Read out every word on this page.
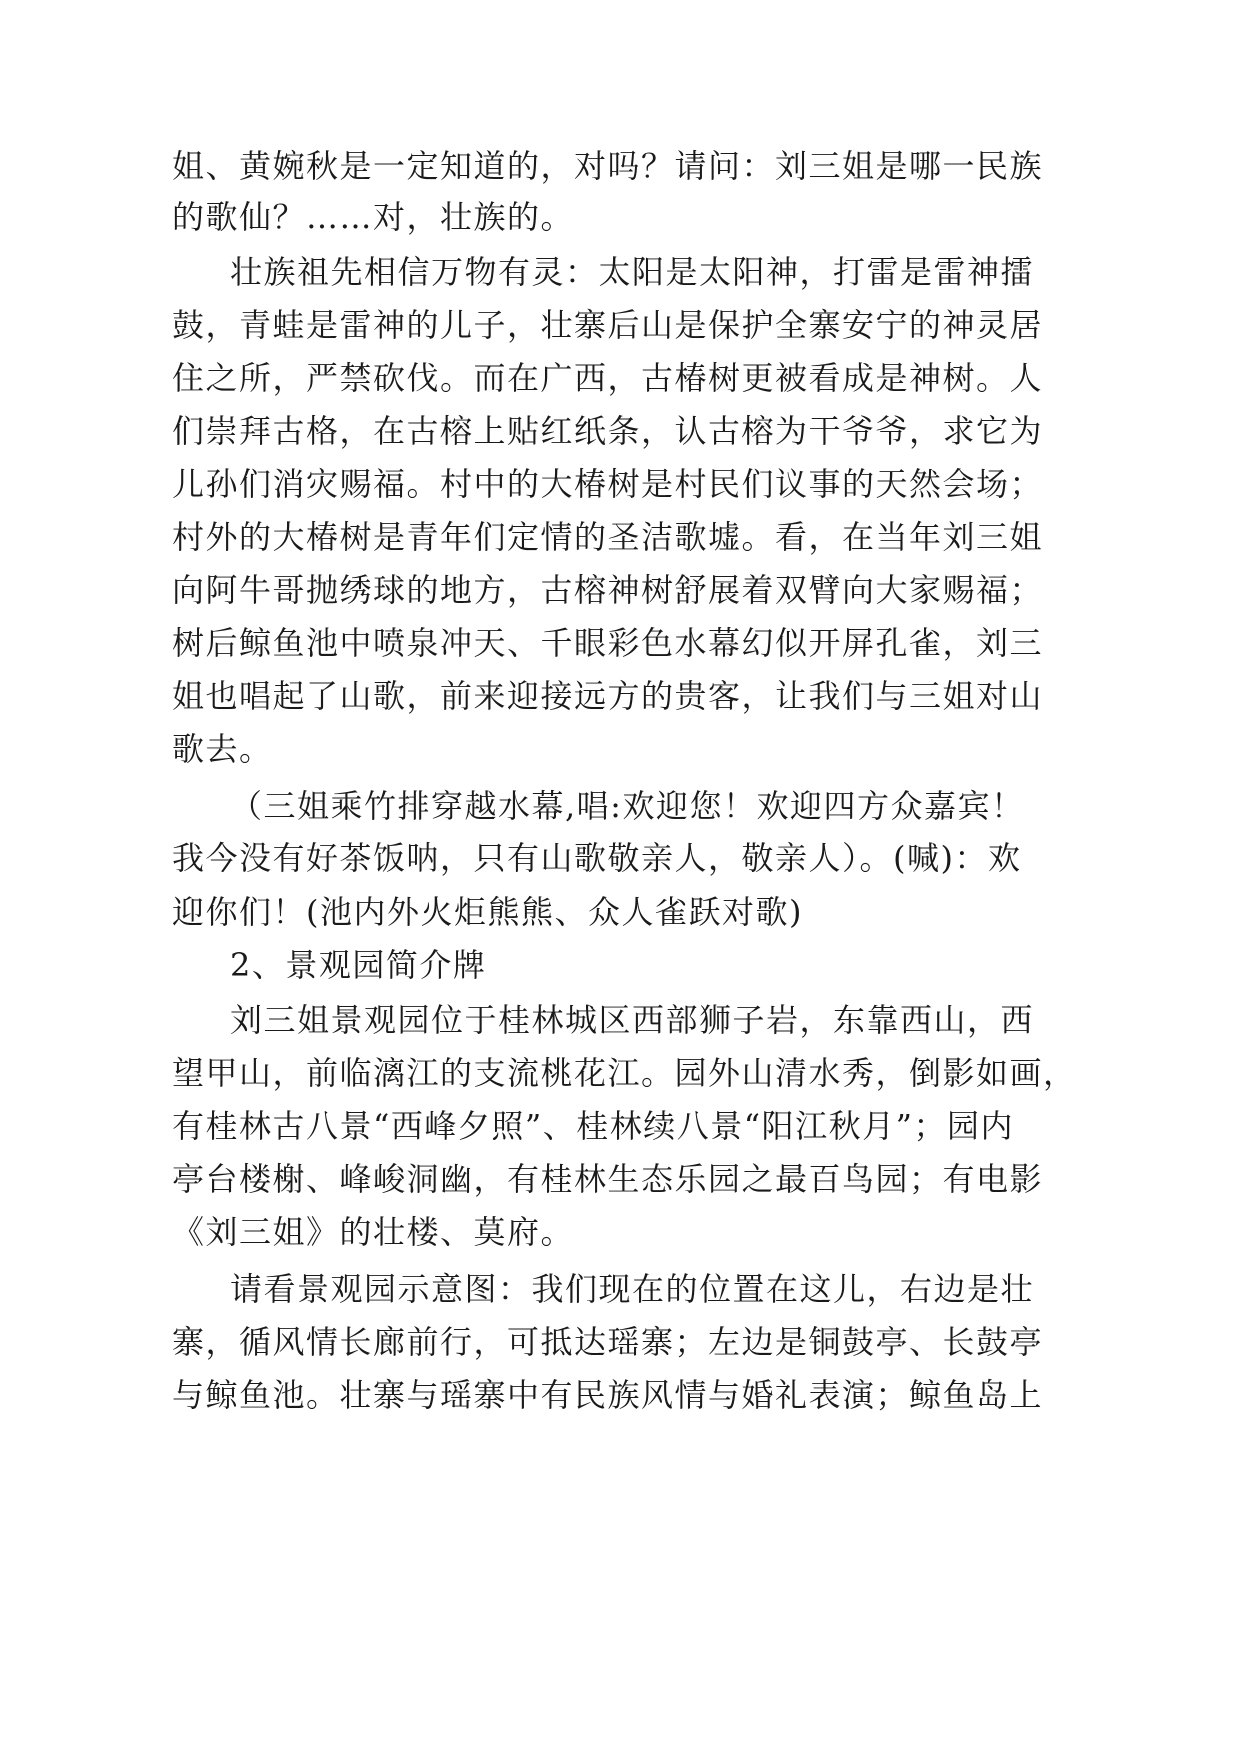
姐、黄婉秋是一定知道的，对吗？请问：刘三姐是哪一民族
的歌仙？……对，壮族的。
壮族祖先相信万物有灵：太阳是太阳神，打雷是雷神擂
鼓，青蛙是雷神的儿子，壮寨后山是保护全寨安宁的神灵居
住之所，严禁砍伐。而在广西，古椿树更被看成是神树。人
们崇拜古格，在古榕上贴红纸条，认古榕为干爷爷，求它为
儿孙们消灾赐福。村中的大椿树是村民们议事的天然会场；
村外的大椿树是青年们定情的圣洁歌墟。看，在当年刘三姐
向阿牛哥抛绣球的地方，古榕神树舒展着双臂向大家赐福；
树后鲸鱼池中喷泉冲天、千眼彩色水幕幻似开屏孔雀，刘三
姐也唱起了山歌，前来迎接远方的贵客，让我们与三姐对山
歌去。
（三姐乘竹排穿越水幕,唱:欢迎您！欢迎四方众嘉宾！
我今没有好茶饭呐，只有山歌敬亲人，敬亲人）。(喊)：欢
迎你们！(池内外火炬熊熊、众人雀跃对歌)
2、景观园简介牌
刘三姐景观园位于桂林城区西部狮子岩，东靠西山，西
望甲山，前临漓江的支流桃花江。园外山清水秀，倒影如画，
有桂林古八景“西峰夕照”、桂林续八景“阳江秋月”；园内
亭台楼榭、峰峻洞幽，有桂林生态乐园之最百鸟园；有电影
《刘三姐》的壮楼、莫府。
请看景观园示意图：我们现在的位置在这儿，右边是壮
寨，循风情长廊前行，可抵达瑶寨；左边是铜鼓亭、长鼓亭
与鲸鱼池。壮寨与瑶寨中有民族风情与婚礼表演；鲸鱼岛上
